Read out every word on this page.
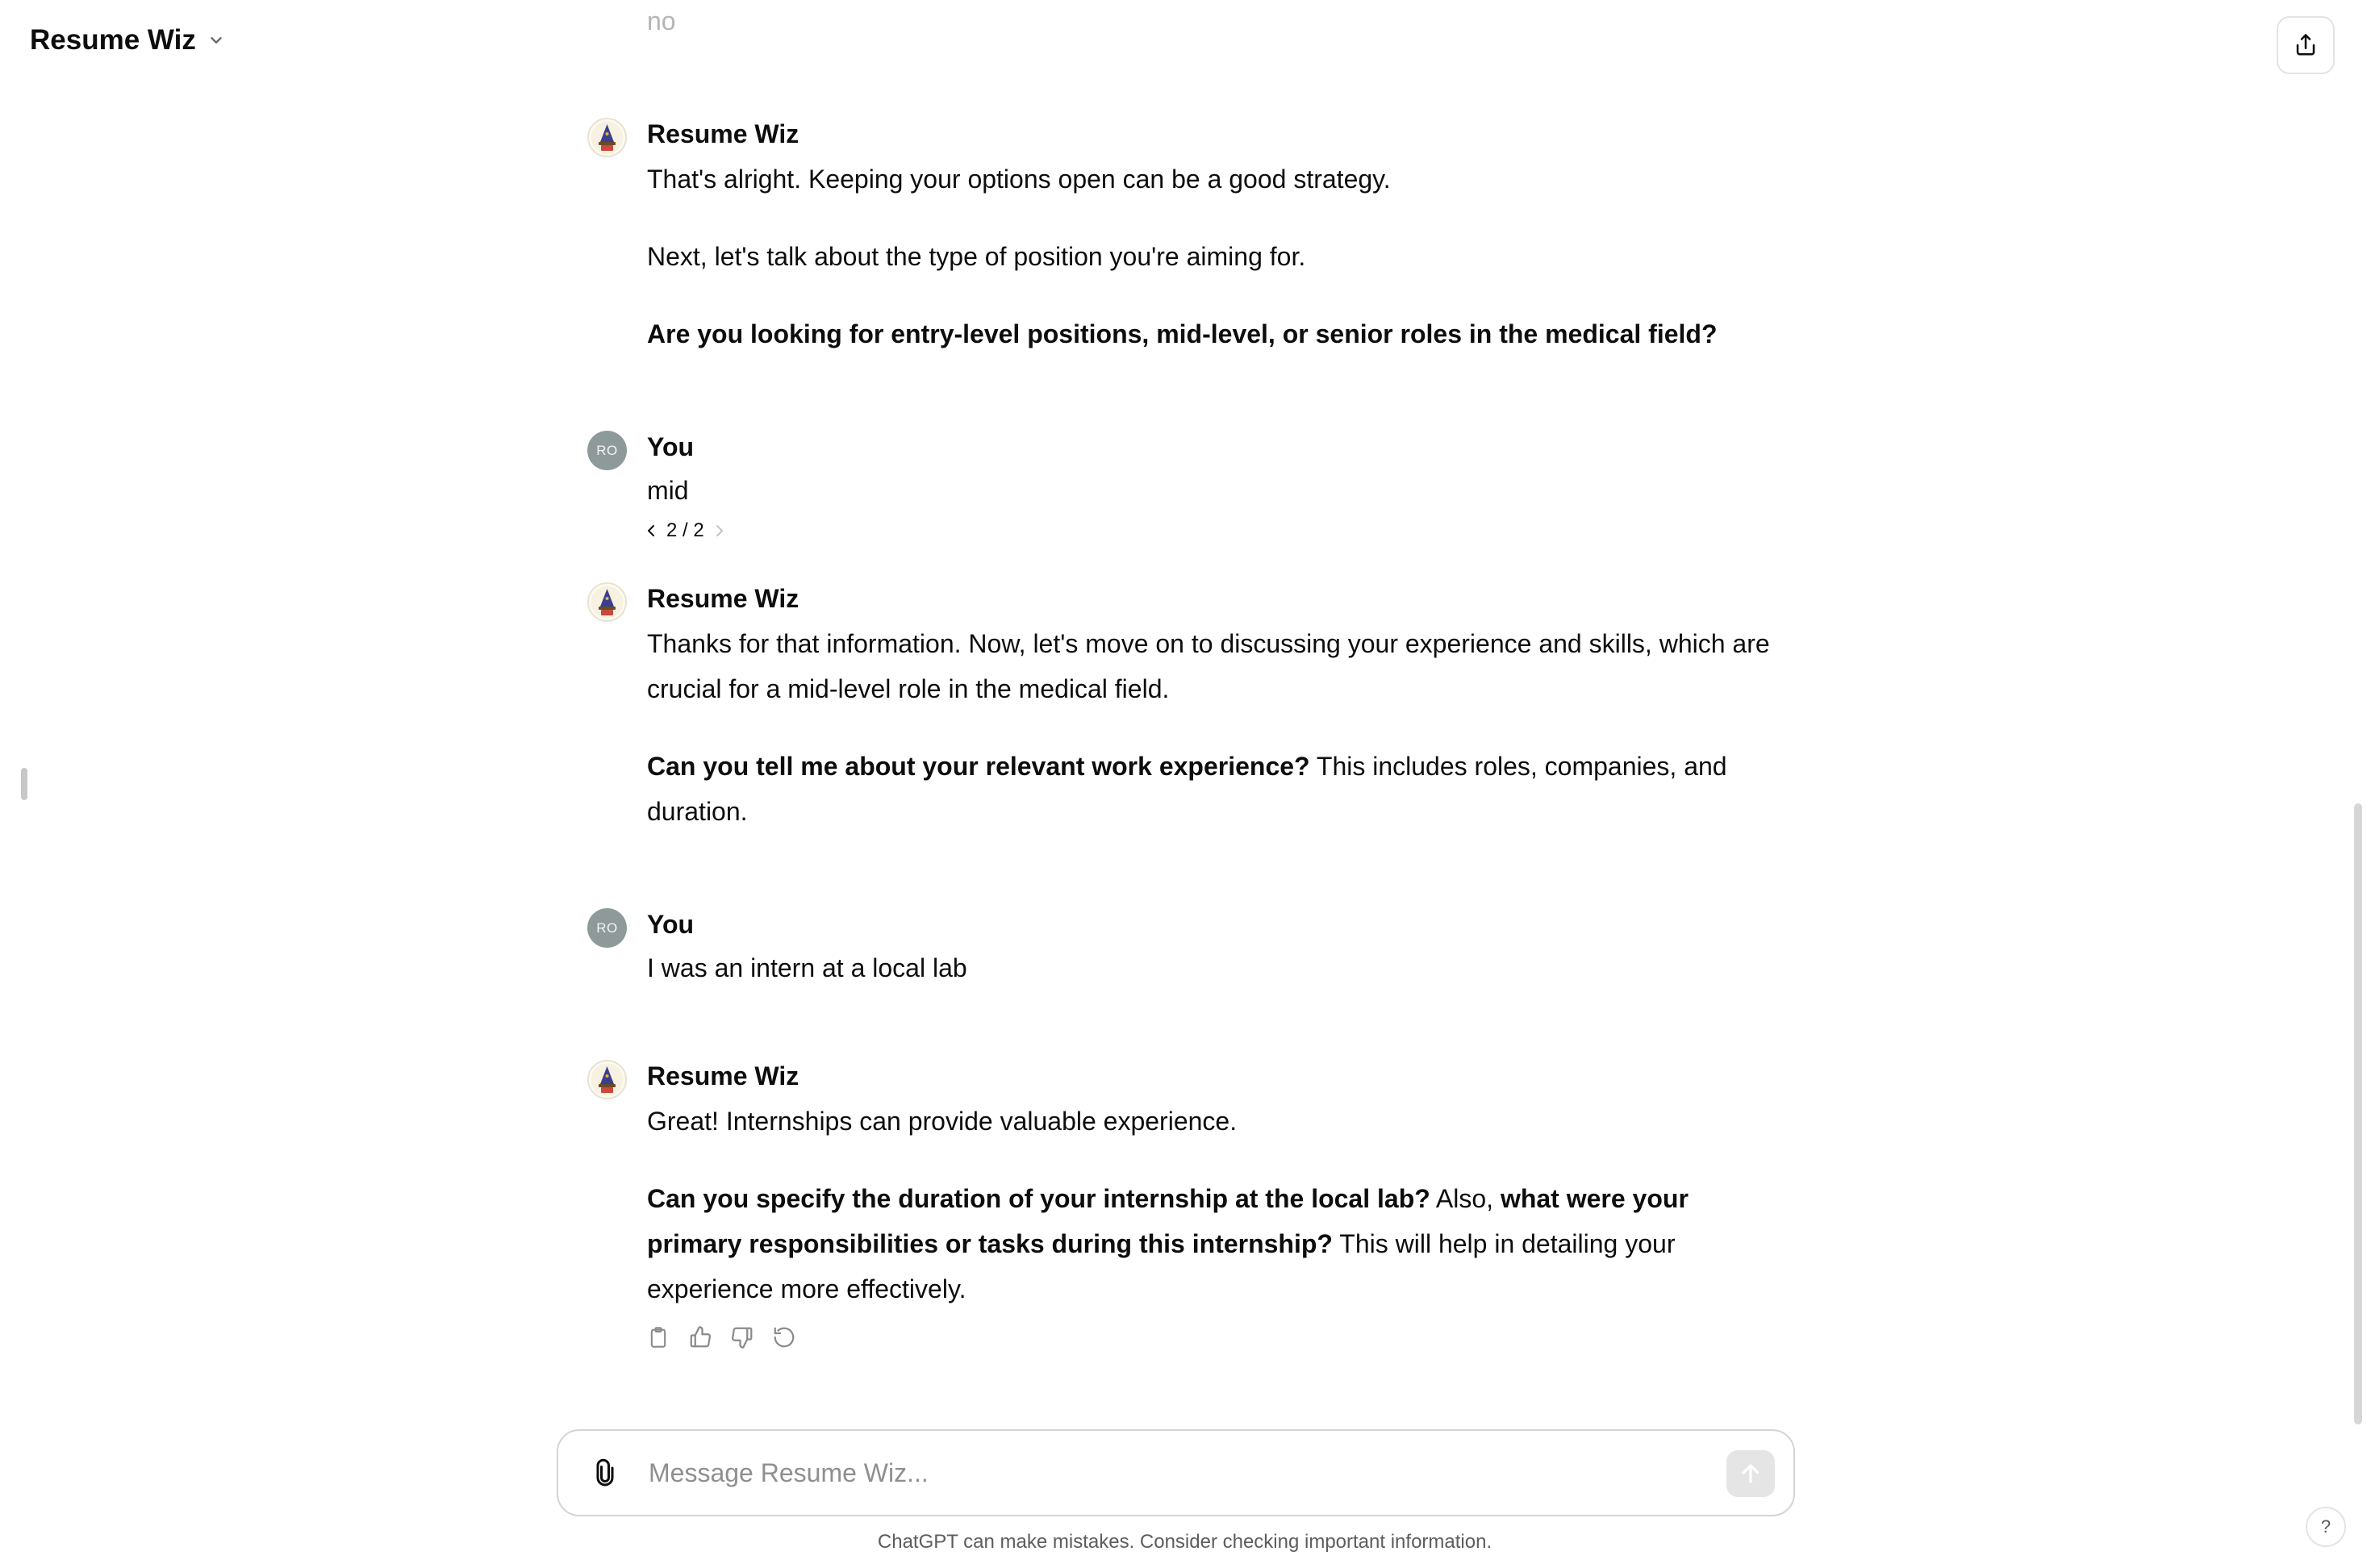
Resume Wiz
no
Resume Wiz

That's alright. Keeping your options open can be a good strategy.

Next, let's talk about the type of position you're aiming for.

Are you looking for entry-level positions, mid-level, or senior roles in the medical field?

RO	You

mid

2 / 2
Resume Wiz

Thanks for that information. Now, let's move on to discussing your experience and skills, which are crucial for a mid-level role in the medical field.

Can you tell me about your relevant work experience? This includes roles, companies, and duration.

RO	You

I was an intern at a local lab

Resume Wiz

Great! Internships can provide valuable experience.

Can you specify the duration of your internship at the local lab? Also, what were your primary responsibilities or tasks during this internship? This will help in detailing your experience more effectively.

Message Resume Wiz...
ChatGPT can make mistakes. Consider checking important information.
?
